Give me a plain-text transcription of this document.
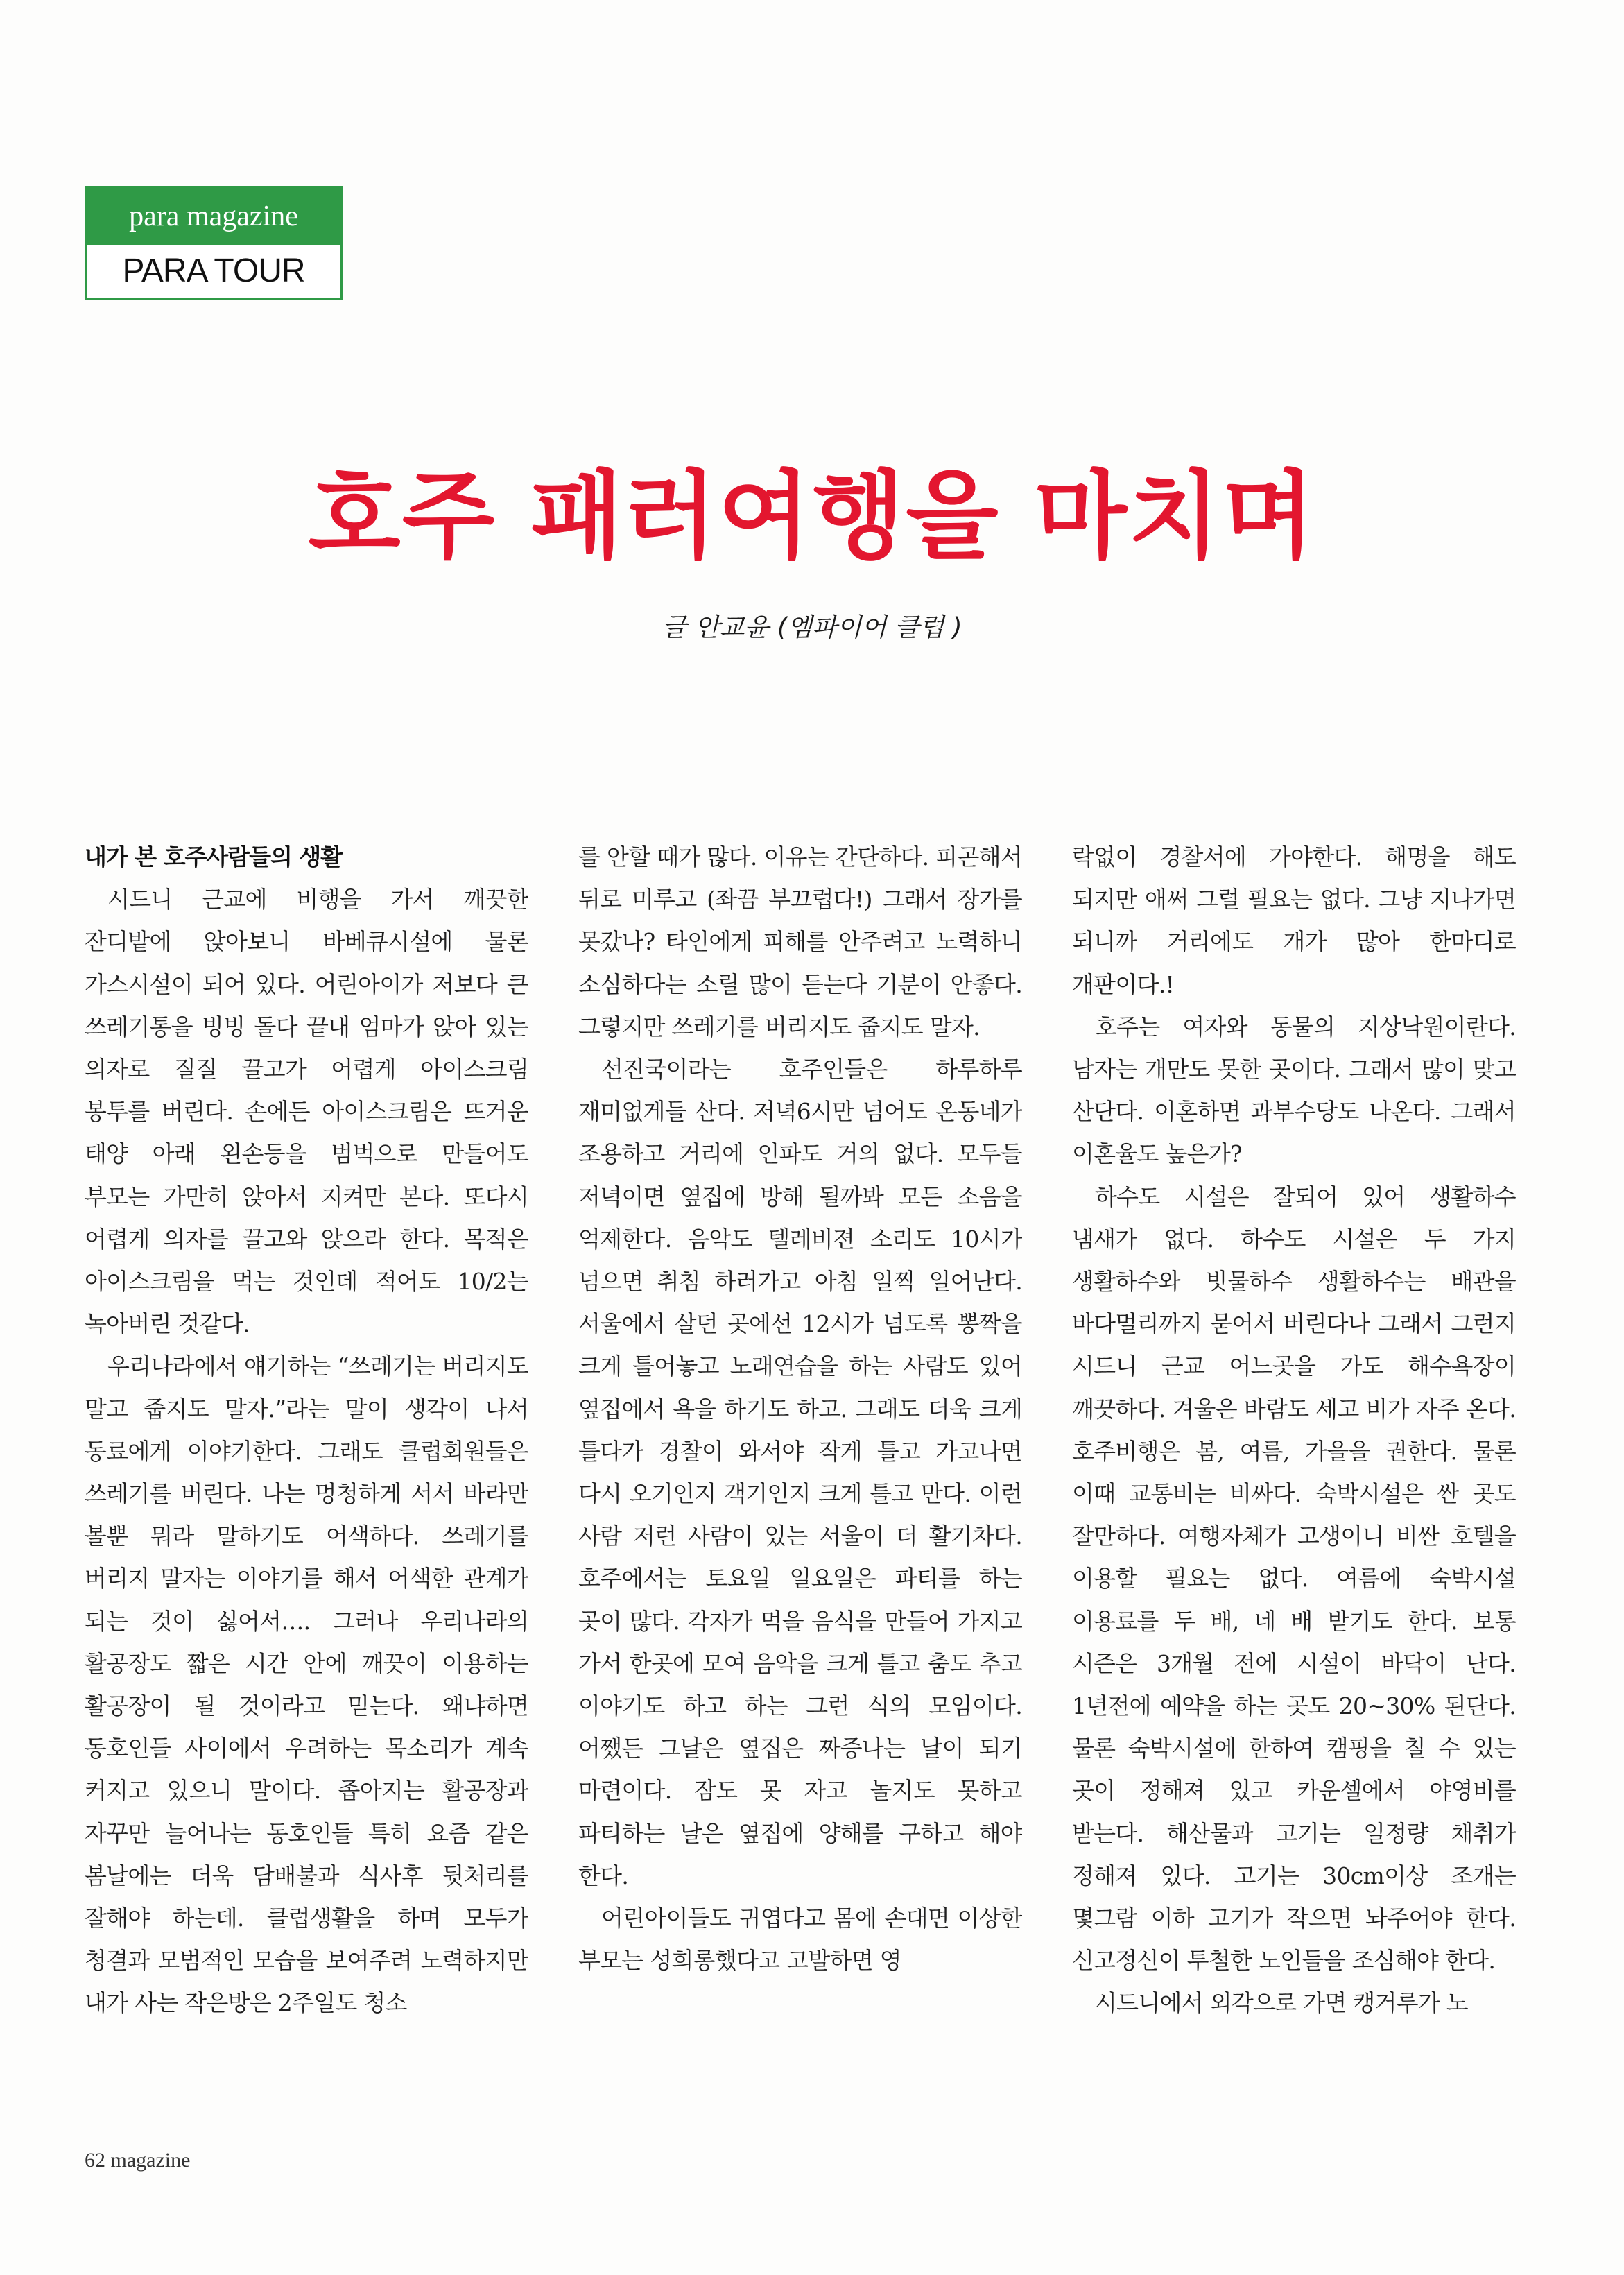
para magazine
PARA TOUR
호주 패러여행을 마치며
글 안교윤 (엠파이어 클럽 )

내가 본 호주사람들의 생활

시드니 근교에 비행을 가서 깨끗한 잔디밭에 앉아보니 바베큐시설에 물론 가스시설이 되어 있다. 어린아이가 저보다 큰 쓰레기통을 빙빙 돌다 끝내 엄마가 앉아 있는 의자로 질질 끌고가 어렵게 아이스크림 봉투를 버린다. 손에든 아이스크림은 뜨거운 태양 아래 왼손등을 범벅으로 만들어도 부모는 가만히 앉아서 지켜만 본다. 또다시 어렵게 의자를 끌고와 앉으라 한다. 목적은 아이스크림을 먹는 것인데 적어도 10/2는 녹아버린 것같다.

우리나라에서 얘기하는 “쓰레기는 버리지도 말고 줍지도 말자.”라는 말이 생각이 나서 동료에게 이야기한다. 그래도 클럽회원들은 쓰레기를 버린다. 나는 멍청하게 서서 바라만 볼뿐 뭐라 말하기도 어색하다. 쓰레기를 버리지 말자는 이야기를 해서 어색한 관계가 되는 것이 싫어서…. 그러나 우리나라의 활공장도 짧은 시간 안에 깨끗이 이용하는 활공장이 될 것이라고 믿는다. 왜냐하면 동호인들 사이에서 우려하는 목소리가 계속 커지고 있으니 말이다. 좁아지는 활공장과 자꾸만 늘어나는 동호인들 특히 요즘 같은 봄날에는 더욱 담배불과 식사후 뒷처리를 잘해야 하는데. 클럽생활을 하며 모두가 청결과 모범적인 모습을 보여주려 노력하지만 내가 사는 작은방은 2주일도 청소

를 안할 때가 많다. 이유는 간단하다. 피곤해서 뒤로 미루고 (좌끔 부끄럽다!) 그래서 장가를 못갔나? 타인에게 피해를 안주려고 노력하니 소심하다는 소릴 많이 듣는다 기분이 안좋다. 그렇지만 쓰레기를 버리지도 줍지도 말자.

선진국이라는 호주인들은 하루하루 재미없게들 산다. 저녁6시만 넘어도 온동네가 조용하고 거리에 인파도 거의 없다. 모두들 저녁이면 옆집에 방해 될까봐 모든 소음을 억제한다. 음악도 텔레비젼 소리도 10시가 넘으면 취침 하러가고 아침 일찍 일어난다. 서울에서 살던 곳에선 12시가 넘도록 뽕짝을 크게 틀어놓고 노래연습을 하는 사람도 있어 옆집에서 욕을 하기도 하고. 그래도 더욱 크게 틀다가 경찰이 와서야 작게 틀고 가고나면 다시 오기인지 객기인지 크게 틀고 만다. 이런 사람 저런 사람이 있는 서울이 더 활기차다. 호주에서는 토요일 일요일은 파티를 하는 곳이 많다. 각자가 먹을 음식을 만들어 가지고 가서 한곳에 모여 음악을 크게 틀고 춤도 추고 이야기도 하고 하는 그런 식의 모임이다. 어쨌든 그날은 옆집은 짜증나는 날이 되기 마련이다. 잠도 못 자고 놀지도 못하고 파티하는 날은 옆집에 양해를 구하고 해야 한다.

어린아이들도 귀엽다고 몸에 손대면 이상한 부모는 성희롱했다고 고발하면 영

락없이 경찰서에 가야한다. 해명을 해도 되지만 애써 그럴 필요는 없다. 그냥 지나가면 되니까 거리에도 개가 많아 한마디로 개판이다.!

호주는 여자와 동물의 지상낙원이란다. 남자는 개만도 못한 곳이다. 그래서 많이 맞고 산단다. 이혼하면 과부수당도 나온다. 그래서 이혼율도 높은가?

하수도 시설은 잘되어 있어 생활하수 냄새가 없다. 하수도 시설은 두 가지 생활하수와 빗물하수 생활하수는 배관을 바다멀리까지 묻어서 버린다나 그래서 그런지 시드니 근교 어느곳을 가도 해수욕장이 깨끗하다. 겨울은 바람도 세고 비가 자주 온다. 호주비행은 봄, 여름, 가을을 권한다. 물론 이때 교통비는 비싸다. 숙박시설은 싼 곳도 잘만하다. 여행자체가 고생이니 비싼 호텔을 이용할 필요는 없다. 여름에 숙박시설 이용료를 두 배, 네 배 받기도 한다. 보통 시즌은 3개월 전에 시설이 바닥이 난다. 1년전에 예약을 하는 곳도 20~30% 된단다. 물론 숙박시설에 한하여 캠핑을 칠 수 있는 곳이 정해져 있고 카운셀에서 야영비를 받는다. 해산물과 고기는 일정량 채취가 정해져 있다. 고기는 30cm이상 조개는 몇그람 이하 고기가 작으면 놔주어야 한다. 신고정신이 투철한 노인들을 조심해야 한다.

시드니에서 외각으로 가면 캥거루가 노

62 magazine
